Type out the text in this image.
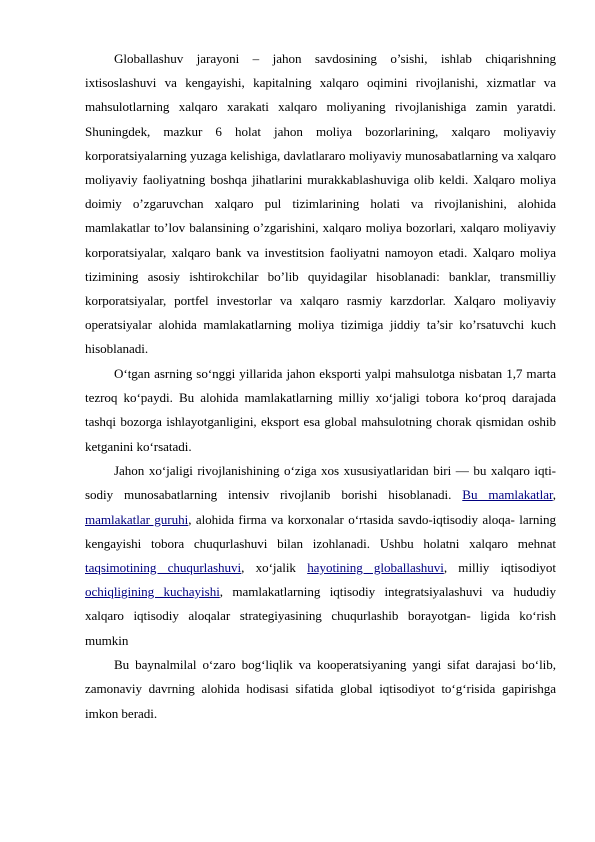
Globallashuv jarayoni – jahon savdosining o’sishi, ishlab chiqarishning ixtisoslashuvi va kengayishi, kapitalning xalqaro oqimini rivojlanishi, xizmatlar va mahsulotlarning xalqaro xarakati xalqaro moliyaning rivojlanishiga zamin yaratdi. Shuningdek, mazkur 6 holat jahon moliya bozorlarining, xalqaro moliyaviy korporatsiyalarning yuzaga kelishiga, davlatlararo moliyaviy munosabatlarning va xalqaro moliyaviy faoliyatning boshqa jihatlarini murakkablashuviga olib keldi. Xalqaro moliya doimiy o’zgaruvchan xalqaro pul tizimlarining holati va rivojlanishini, alohida mamlakatlar to’lov balansining o’zgarishini, xalqaro moliya bozorlari, xalqaro moliyaviy korporatsiyalar, xalqaro bank va investitsion faoliyatni namoyon etadi. Xalqaro moliya tizimining asosiy ishtirokchilar bo’lib quyidagilar hisoblanadi: banklar, transmilliy korporatsiyalar, portfel investorlar va xalqaro rasmiy karzdorlar. Xalqaro moliyaviy operatsiyalar alohida mamlakatlarning moliya tizimiga jiddiy ta’sir ko’rsatuvchi kuch hisoblanadi.

O‘tgan asrning so‘nggi yillarida jahon eksporti yalpi mahsulotga nisbatan 1,7 marta tezroq ko‘paydi. Bu alohida mamlakatlarning milliy xo‘jaligi tobora ko‘proq darajada tashqi bozorga ishlayotganligini, eksport esa global mahsulotning chorak qismidan oshib ketganini ko‘rsatadi.

Jahon xo‘jaligi rivojlanishining o‘ziga xos xususiyatlaridan biri — bu xalqaro iqti- sodiy munosabatlarning intensiv rivojlanib borishi hisoblanadi. Bu mamlakatlar, mamlakatlar guruhi, alohida firma va korxonalar o‘rtasida savdo-iqtisodiy aloqa- larning kengayishi tobora chuqurlashuvi bilan izohlanadi. Ushbu holatni xalqaro mehnat taqsimotining chuqurlashuvi, xo‘jalik hayotining globallashuvi, milliy iqtisodiyot ochiqligining kuchayishi, mamlakatlarning iqtisodiy integratsiyalashuvi va hududiy xalqaro iqtisodiy aloqalar strategiyasining chuqurlashib borayotgan- ligida ko‘rish mumkin

Bu baynalmilal o‘zaro bog‘liqlik va kooperatsiyaning yangi sifat darajasi bo‘lib, zamonaviy davrning alohida hodisasi sifatida global iqtisodiyot to‘g‘risida gapirishga imkon beradi.
